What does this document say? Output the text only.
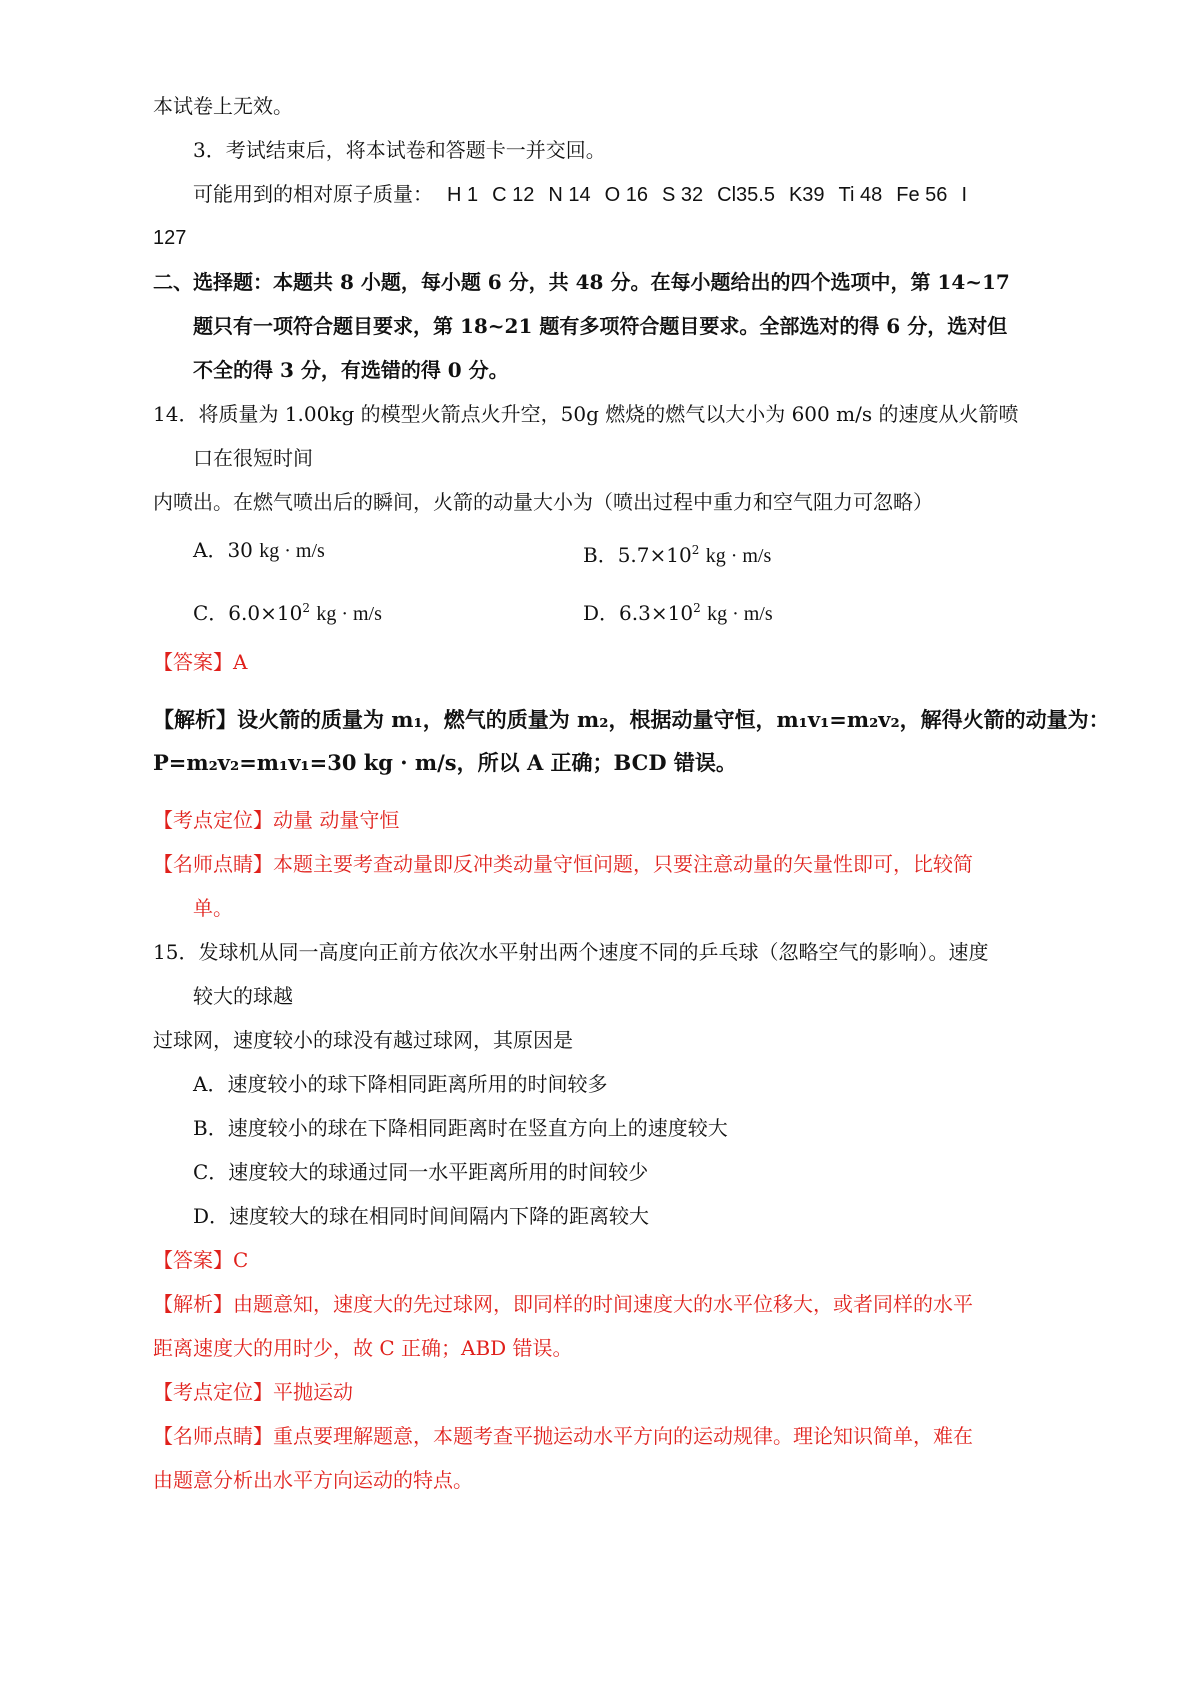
本试卷上无效。
3．考试结束后，将本试卷和答题卡一并交回。
可能用到的相对原子质量： H 1 C 12 N 14 O 16 S 32 Cl35.5 K39 Ti 48 Fe 56 I
127
二、选择题：本题共 8 小题，每小题 6 分，共 48 分。在每小题给出的四个选项中，第 14~17
题只有一项符合题目要求，第 18~21 题有多项符合题目要求。全部选对的得 6 分，选对但
不全的得 3 分，有选错的得 0 分。
14．将质量为 1.00kg 的模型火箭点火升空，50g 燃烧的燃气以大小为 600 m/s 的速度从火箭喷
口在很短时间
内喷出。在燃气喷出后的瞬间，火箭的动量大小为（喷出过程中重力和空气阻力可忽略）
A．30 kg · m/s	B．$5.7\times 10^2$ kg · m/s
C．$6.0\times 10^2$ kg · m/s	D．$6.3\times 10^2$ kg · m/s
【答案】A
【解析】设火箭的质量为 m₁，燃气的质量为 m₂，根据动量守恒，m₁v₁=m₂v₂，解得火箭的动量为：
P=m₂v₂=m₁v₁=30 kg · m/s，所以 A 正确；BCD 错误。
【考点定位】动量 动量守恒
【名师点睛】本题主要考查动量即反冲类动量守恒问题，只要注意动量的矢量性即可，比较简
单。
15．发球机从同一高度向正前方依次水平射出两个速度不同的乒乓球（忽略空气的影响）。速度
较大的球越
过球网，速度较小的球没有越过球网，其原因是
A．速度较小的球下降相同距离所用的时间较多
B．速度较小的球在下降相同距离时在竖直方向上的速度较大
C．速度较大的球通过同一水平距离所用的时间较少
D．速度较大的球在相同时间间隔内下降的距离较大
【答案】C
【解析】由题意知，速度大的先过球网，即同样的时间速度大的水平位移大，或者同样的水平
距离速度大的用时少，故 C 正确；ABD 错误。
【考点定位】平抛运动
【名师点睛】重点要理解题意，本题考查平抛运动水平方向的运动规律。理论知识简单，难在
由题意分析出水平方向运动的特点。
